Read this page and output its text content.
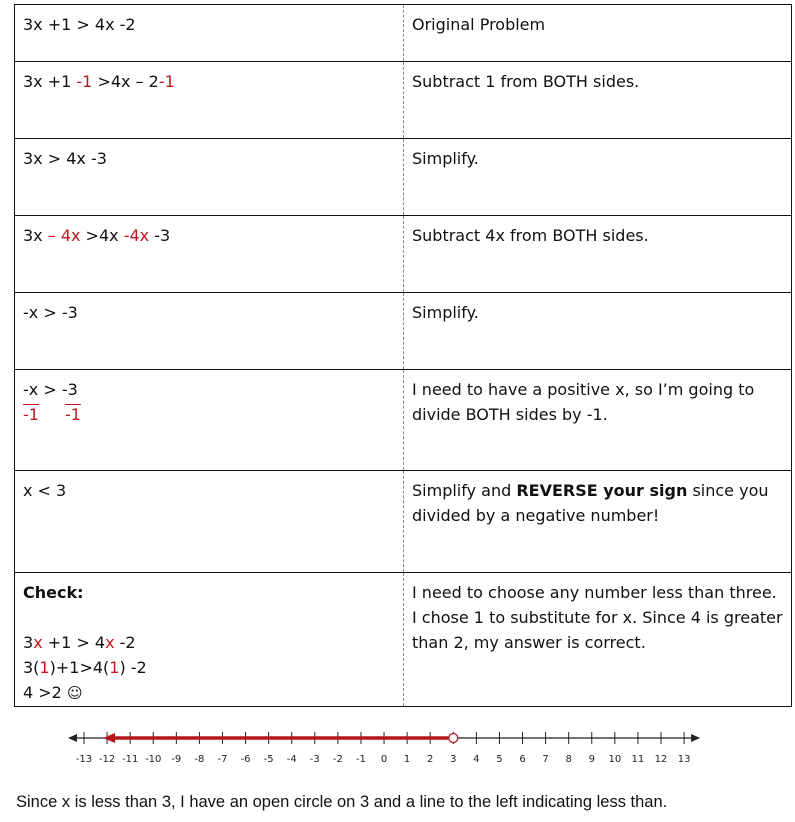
3x +1 > 4x -2	Original Problem
3x +1 -1 >4x – 2-1	Subtract 1 from BOTH sides.
3x > 4x -3	Simplify.
3x – 4x >4x -4x -3	Subtract 4x from BOTH sides.
-x > -3	Simplify.
-x > -3
-1 -1	I need to have a positive x, so I’m going to divide BOTH sides by -1.
x < 3	Simplify and REVERSE your sign since you divided by a negative number!
Check:

3x +1 > 4x -2
3(1)+1>4(1) -2
4 >2 ☺	I need to choose any number less than three. I chose 1 to substitute for x. Since 4 is greater than 2, my answer is correct.
-13 -12 -11 -10 -9 -8 -7 -6 -5 -4 -3 -2 -1 0 1 2 3 4 5 6 7 8 9 10 11 12 13
Since x is less than 3, I have an open circle on 3 and a line to the left indicating less than.
